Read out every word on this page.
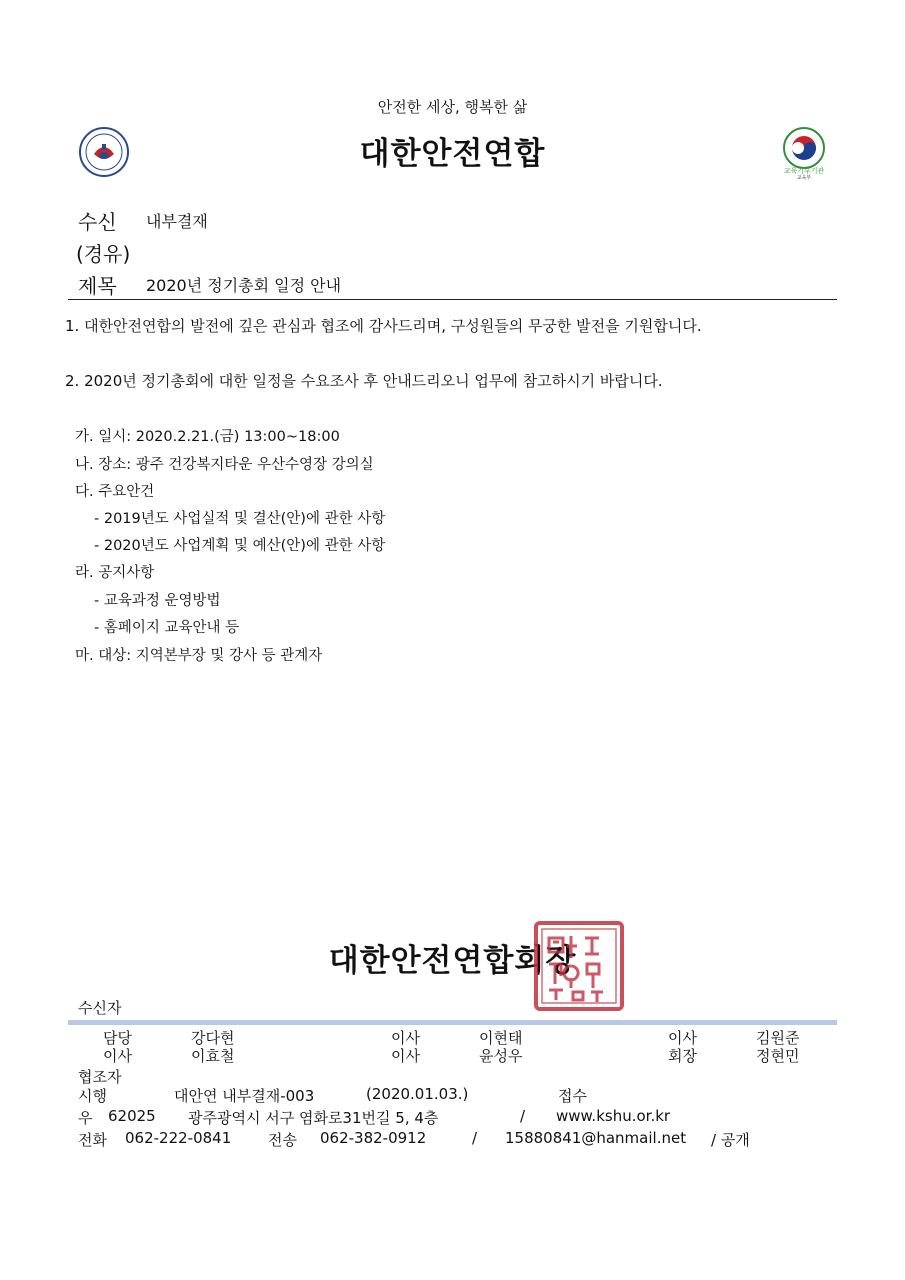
안전한 세상, 행복한 삶
대한안전연합	교육기부기관
교육부
수신 내부결재
(경유)
제목 2020년 정기총회 일정 안내
1. 대한안전연합의 발전에 깊은 관심과 협조에 감사드리며, 구성원들의 무궁한 발전을 기원합니다.
2. 2020년 정기총회에 대한 일정을 수요조사 후 안내드리오니 업무에 참고하시기 바랍니다.
가. 일시: 2020.2.21.(금) 13:00~18:00
나. 장소: 광주 건강복지타운 우산수영장 강의실
다. 주요안건
- 2019년도 사업실적 및 결산(안)에 관한 사항
- 2020년도 사업계획 및 예산(안)에 관한 사항
라. 공지사항
- 교육과정 운영방법
- 홈페이지 교육안내 등
마. 대상: 지역본부장 및 강사 등 관계자
대한안전연합회장
수신자
담당	강다현	이사	이현태	이사	김원준
이사	이효철	이사	윤성우	회장	정현민
협조자
시행	대안연 내부결재-003	(2020.01.03.)	접수
우 62025 광주광역시 서구 염화로31번길 5, 4층	/ www.kshu.or.kr
전화 062-222-0841 전송 062-382-0912	/ 15880841@hanmail.net / 공개
